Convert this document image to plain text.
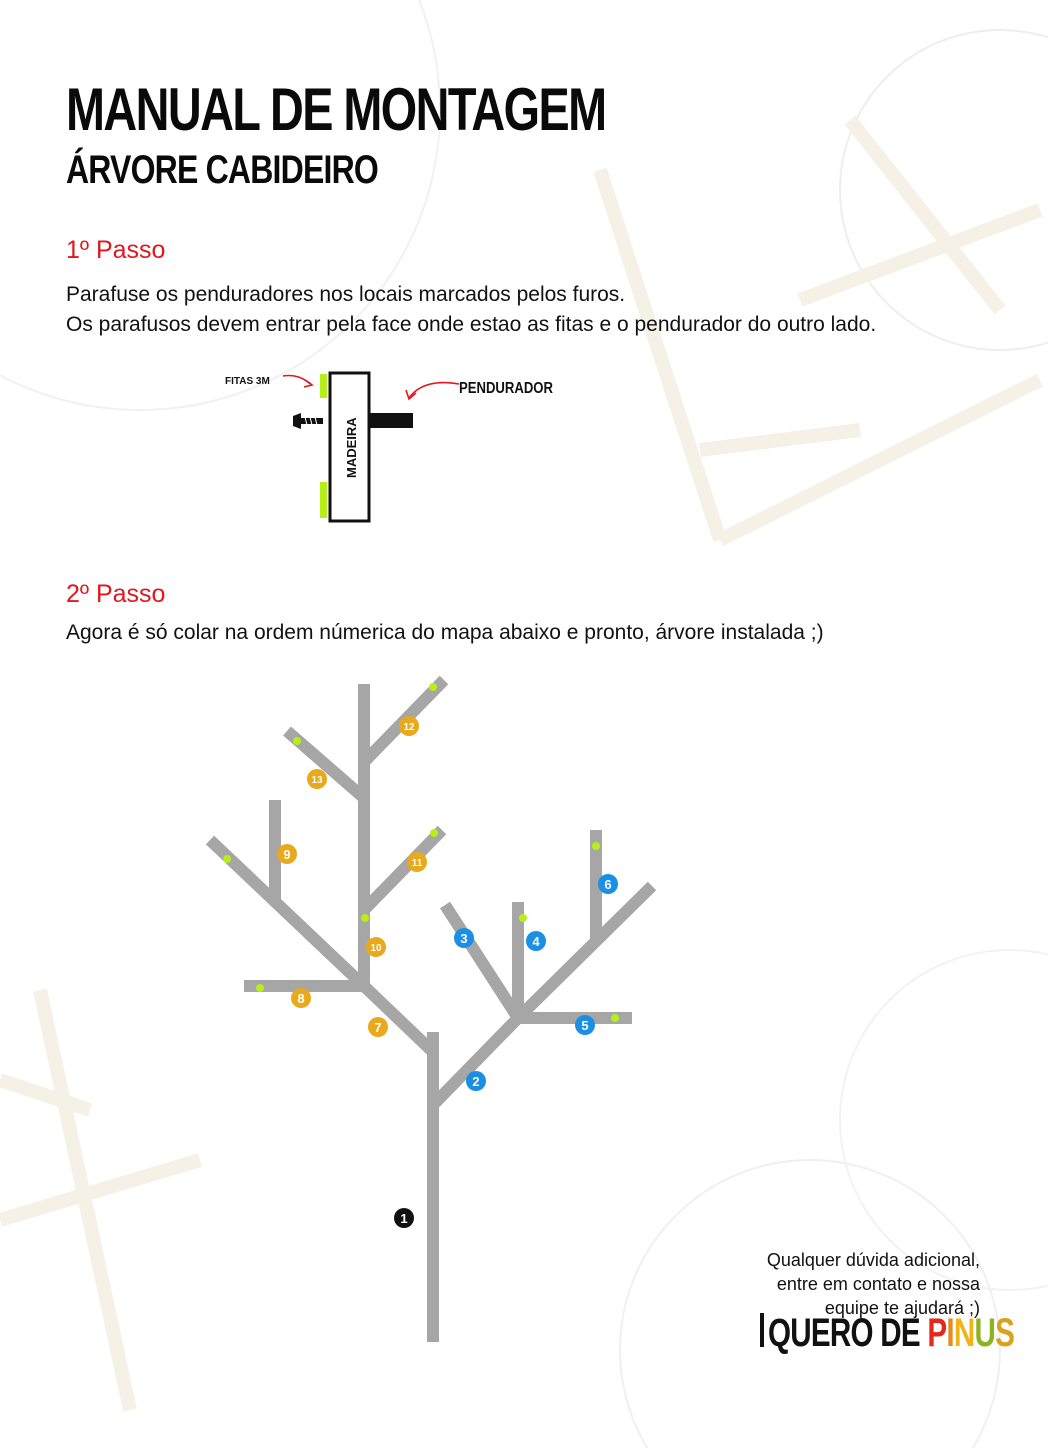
MANUAL DE MONTAGEM
ÁRVORE CABIDEIRO
1º Passo

Parafuse os penduradores nos locais marcados pelos furos.

Os parafusos devem entrar pela face onde estao as fitas e o pendurador do outro lado.

FITAS 3M
MADEIRA
PENDURADOR
2º Passo

Agora é só colar na ordem númerica do mapa abaixo e pronto, árvore instalada ;)

1
2
3	4
5
6
7
8
9
10
11
12
13
Qualquer dúvida adicional,
entre em contato e nossa
equipe te ajudará ;)
QUERO DE PINUS
